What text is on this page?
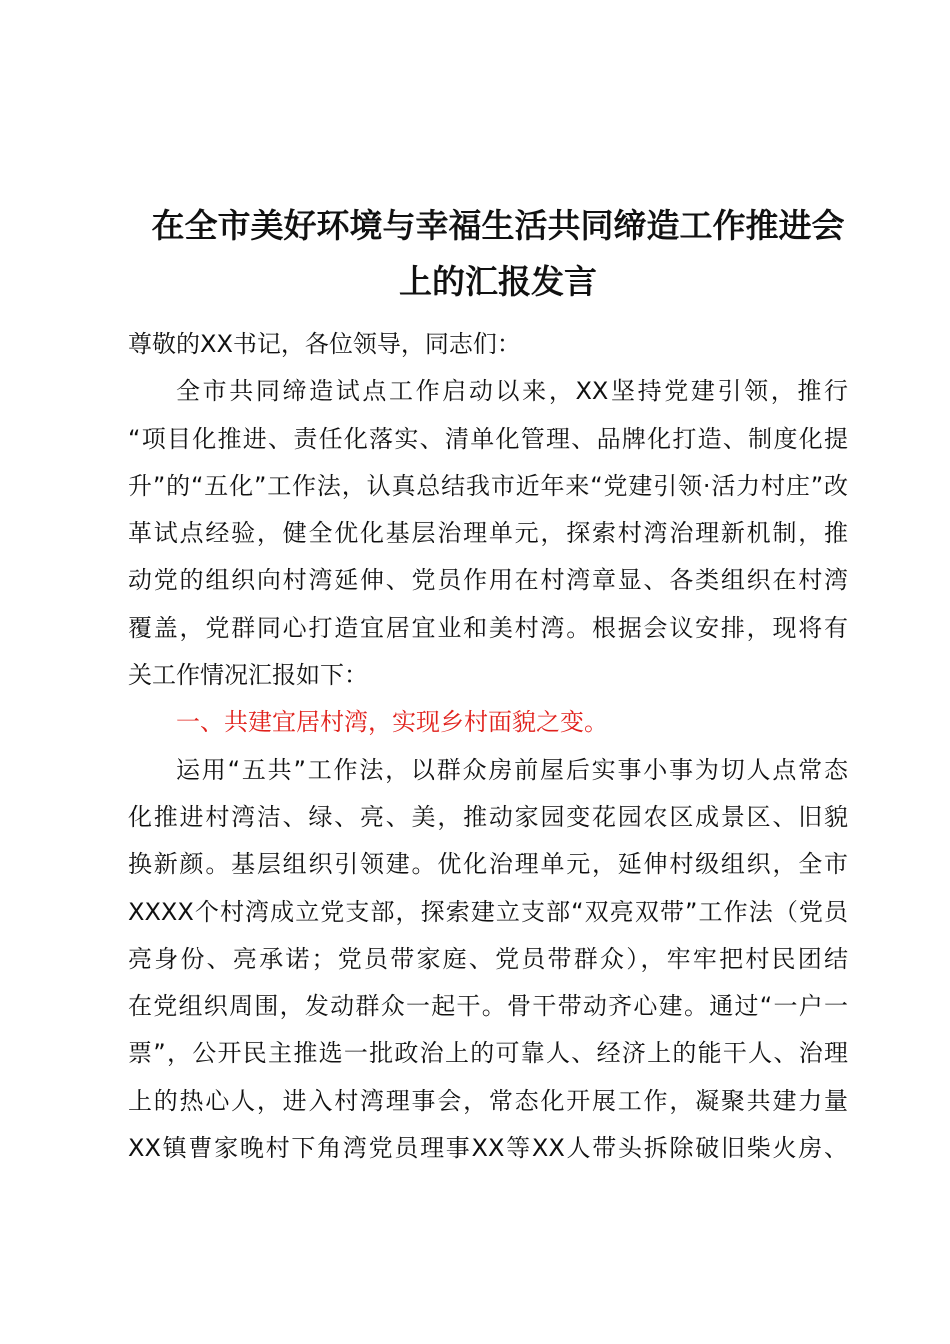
在全市美好环境与幸福生活共同缔造工作推进会
上的汇报发言
尊敬的XX书记，各位领导，同志们：
全市共同缔造试点工作启动以来，XX坚持党建引领，推行
“项目化推进、责任化落实、清单化管理、品牌化打造、制度化提
升”的“五化”工作法，认真总结我市近年来“党建引领·活力村庄”改
革试点经验，健全优化基层治理单元，探索村湾治理新机制，推
动党的组织向村湾延伸、党员作用在村湾章显、各类组织在村湾
覆盖，党群同心打造宜居宜业和美村湾。根据会议安排，现将有
关工作情况汇报如下：
一、共建宜居村湾，实现乡村面貌之变。
运用“五共”工作法，以群众房前屋后实事小事为切人点常态
化推进村湾洁、绿、亮、美，推动家园变花园农区成景区、旧貌
换新颜。基层组织引领建。优化治理单元，延伸村级组织，全市
XXXX个村湾成立党支部，探索建立支部“双亮双带”工作法（党员
亮身份、亮承诺；党员带家庭、党员带群众），牢牢把村民团结
在党组织周围，发动群众一起干。骨干带动齐心建。通过“一户一
票”，公开民主推选一批政治上的可靠人、经济上的能干人、治理
上的热心人，进入村湾理事会，常态化开展工作，凝聚共建力量
XX镇曹家晚村下角湾党员理事XX等XX人带头拆除破旧柴火房、
